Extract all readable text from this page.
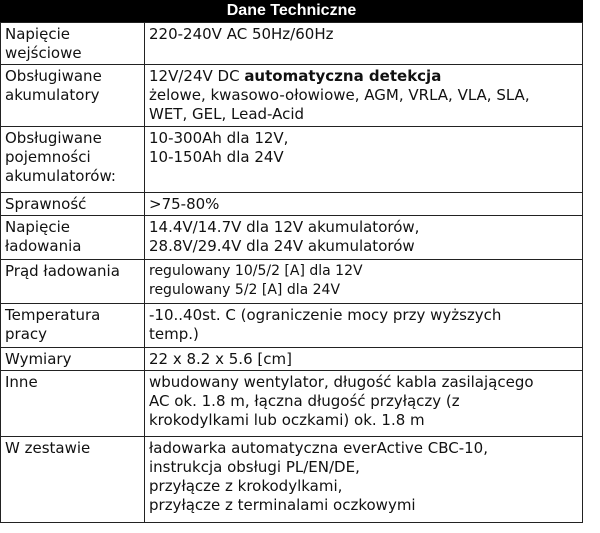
Dane Techniczne
Napięcie
wejściowe	220-240V AC 50Hz/60Hz

Obsługiwane
akumulatory	12V/24V DC automatyczna detekcja
żelowe, kwasowo-ołowiowe, AGM, VRLA, VLA, SLA,
WET, GEL, Lead-Acid

Obsługiwane
pojemności
akumulatorów:	10-300Ah dla 12V,
10-150Ah dla 24V

Sprawność	>75-80%

Napięcie
ładowania	14.4V/14.7V dla 12V akumulatorów,
28.8V/29.4V dla 24V akumulatorów

Prąd ładowania	regulowany 10/5/2 [A] dla 12V
regulowany 5/2 [A] dla 24V

Temperatura
pracy	-10..40st. C (ograniczenie mocy przy wyższych
temp.)

Wymiary	22 x 8.2 x 5.6 [cm]

Inne	wbudowany wentylator, długość kabla zasilającego
AC ok. 1.8 m, łączna długość przyłączy (z
krokodylkami lub oczkami) ok. 1.8 m

W zestawie	ładowarka automatyczna everActive CBC-10,
instrukcja obsługi PL/EN/DE,
przyłącze z krokodylkami,
przyłącze z terminalami oczkowymi
